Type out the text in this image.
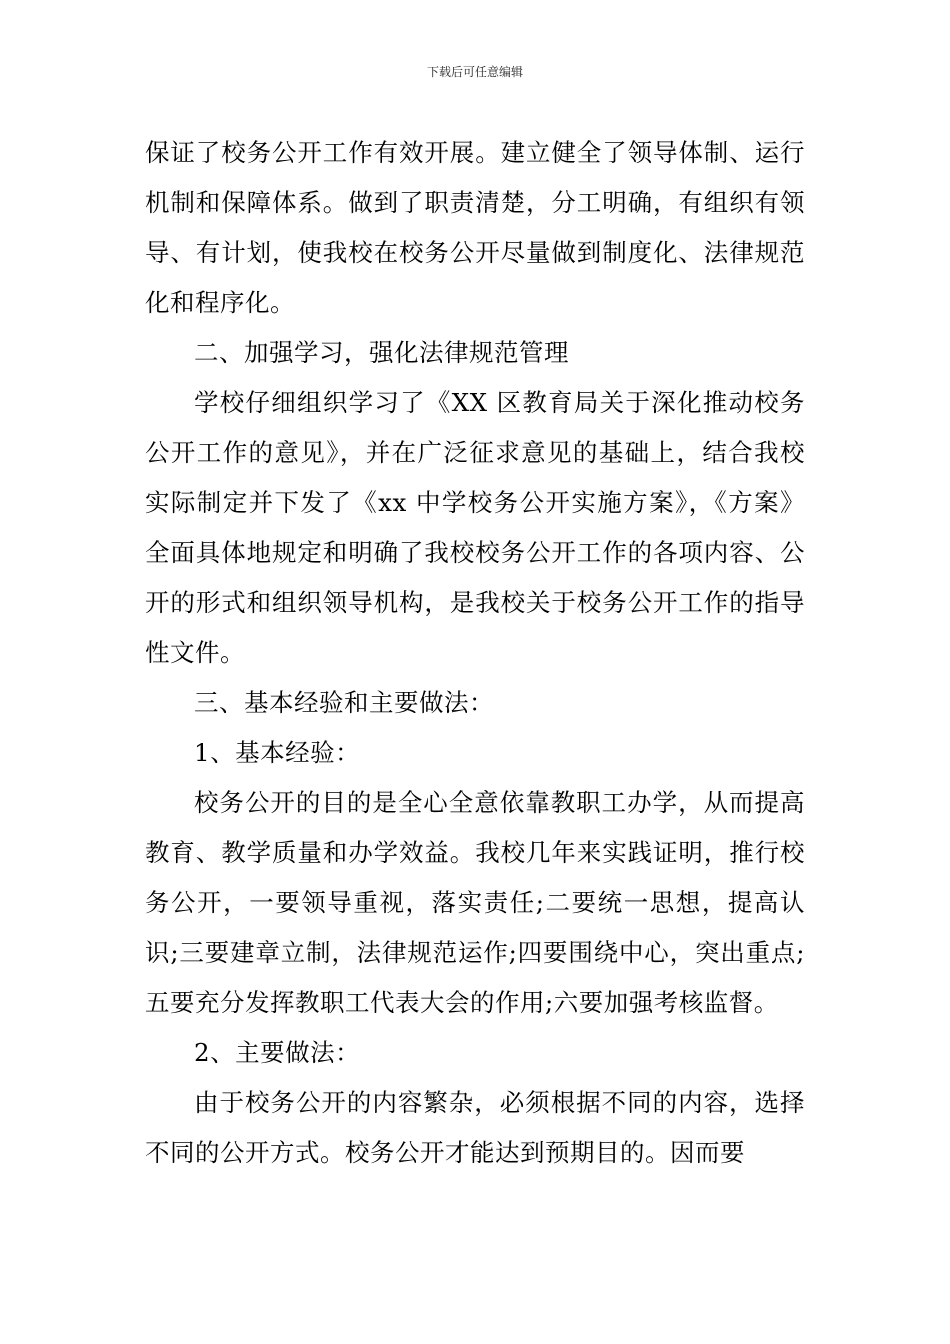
下载后可任意编辑

保证了校务公开工作有效开展。建立健全了领导体制、运行机制和保障体系。做到了职责清楚，分工明确，有组织有领导、有计划，使我校在校务公开尽量做到制度化、法律规范化和程序化。

二、加强学习，强化法律规范管理

学校仔细组织学习了《XX 区教育局关于深化推动校务公开工作的意见》，并在广泛征求意见的基础上，结合我校实际制定并下发了《xx 中学校务公开实施方案》，《方案》全面具体地规定和明确了我校校务公开工作的各项内容、公开的形式和组织领导机构，是我校关于校务公开工作的指导性文件。

三、基本经验和主要做法：

1、基本经验：

校务公开的目的是全心全意依靠教职工办学，从而提高教育、教学质量和办学效益。我校几年来实践证明，推行校务公开，一要领导重视，落实责任;二要统一思想，提高认识;三要建章立制，法律规范运作;四要围绕中心，突出重点;五要充分发挥教职工代表大会的作用;六要加强考核监督。

2、主要做法：

由于校务公开的内容繁杂，必须根据不同的内容，选择不同的公开方式。校务公开才能达到预期目的。因而要
